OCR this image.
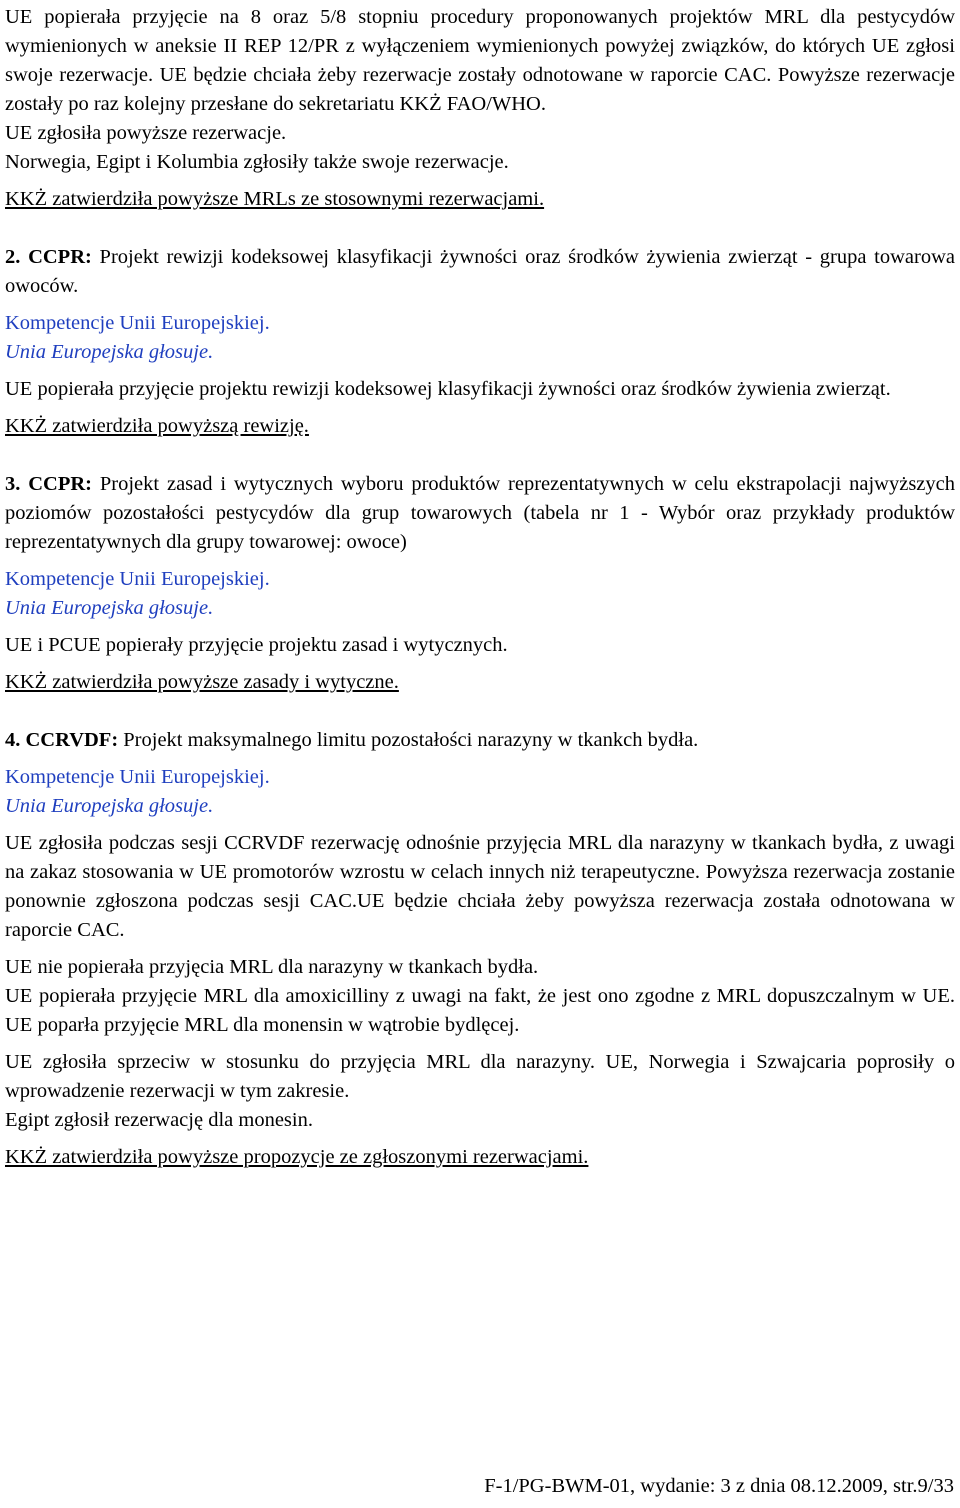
UE popierała przyjęcie na 8 oraz 5/8 stopniu procedury proponowanych projektów MRL dla pestycydów wymienionych w aneksie II REP 12/PR z wyłączeniem wymienionych powyżej związków, do których UE zgłosi swoje rezerwacje. UE będzie chciała żeby rezerwacje zostały odnotowane w raporcie CAC. Powyższe rezerwacje zostały po raz kolejny przesłane do sekretariatu KKŻ FAO/WHO.

UE zgłosiła powyższe rezerwacje.

Norwegia, Egipt i Kolumbia zgłosiły także swoje rezerwacje.

KKŻ zatwierdziła powyższe MRLs ze stosownymi rezerwacjami.

2. CCPR: Projekt rewizji kodeksowej klasyfikacji żywności oraz środków żywienia zwierząt - grupa towarowa owoców.

Kompetencje Unii Europejskiej.

Unia Europejska głosuje.

UE popierała przyjęcie projektu rewizji kodeksowej klasyfikacji żywności oraz środków żywienia zwierząt.

KKŻ zatwierdziła powyższą rewizję.

3. CCPR: Projekt zasad i wytycznych wyboru produktów reprezentatywnych w celu ekstrapolacji najwyższych poziomów pozostałości pestycydów dla grup towarowych (tabela nr 1 - Wybór oraz przykłady produktów reprezentatywnych dla grupy towarowej: owoce)

Kompetencje Unii Europejskiej.

Unia Europejska głosuje.

UE i PCUE popierały przyjęcie projektu zasad i wytycznych.

KKŻ zatwierdziła powyższe zasady i wytyczne.

4. CCRVDF: Projekt maksymalnego limitu pozostałości narazyny w tkankch bydła.

Kompetencje Unii Europejskiej.

Unia Europejska głosuje.

UE zgłosiła podczas sesji CCRVDF rezerwację odnośnie przyjęcia MRL dla narazyny w tkankach bydła, z uwagi na zakaz stosowania w UE promotorów wzrostu w celach innych niż terapeutyczne. Powyższa rezerwacja zostanie ponownie zgłoszona podczas sesji CAC.UE będzie chciała żeby powyższa rezerwacja została odnotowana w raporcie CAC.

UE nie popierała przyjęcia MRL dla narazyny w tkankach bydła.

UE popierała przyjęcie MRL dla amoxicilliny z uwagi na fakt, że jest ono zgodne z MRL dopuszczalnym w UE. UE poparła przyjęcie MRL dla monensin w wątrobie bydlęcej.

UE zgłosiła sprzeciw w stosunku do przyjęcia MRL dla narazyny. UE, Norwegia i Szwajcaria poprosiły o wprowadzenie rezerwacji w tym zakresie.

Egipt zgłosił rezerwację dla monesin.

KKŻ zatwierdziła powyższe propozycje ze zgłoszonymi rezerwacjami.

F-1/PG-BWM-01, wydanie: 3 z dnia 08.12.2009, str.9/33
